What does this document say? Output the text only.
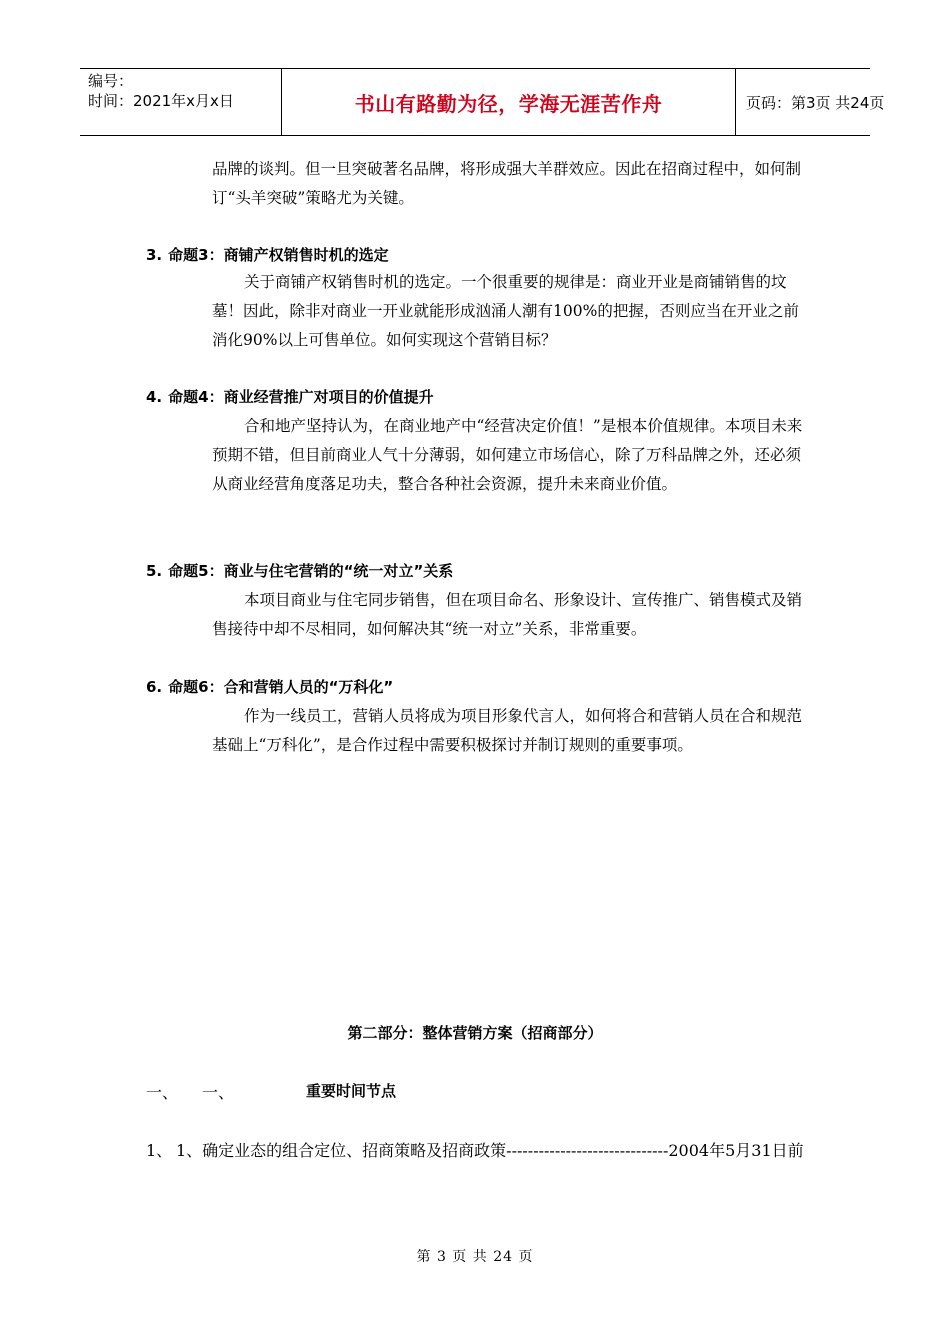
编号：
时间：2021年x月x日	书山有路勤为径，学海无涯苦作舟	页码：第3页 共24页
品牌的谈判。但一旦突破著名品牌，将形成强大羊群效应。因此在招商过程中，如何制订“头羊突破”策略尤为关键。
3. 命题3：商铺产权销售时机的选定
关于商铺产权销售时机的选定。一个很重要的规律是：商业开业是商铺销售的坟墓！因此，除非对商业一开业就能形成汹涌人潮有100%的把握，否则应当在开业之前消化90%以上可售单位。如何实现这个营销目标？
4. 命题4：商业经营推广对项目的价值提升
合和地产坚持认为，在商业地产中“经营决定价值！”是根本价值规律。本项目未来预期不错，但目前商业人气十分薄弱，如何建立市场信心，除了万科品牌之外，还必须从商业经营角度落足功夫，整合各种社会资源，提升未来商业价值。
5. 命题5：商业与住宅营销的“统一对立”关系
本项目商业与住宅同步销售，但在项目命名、形象设计、宣传推广、销售模式及销售接待中却不尽相同，如何解决其“统一对立”关系，非常重要。
6. 命题6：合和营销人员的“万科化”
作为一线员工，营销人员将成为项目形象代言人，如何将合和营销人员在合和规范基础上“万科化”，是合作过程中需要积极探讨并制订规则的重要事项。
第二部分：整体营销方案（招商部分）
一、 一、	重要时间节点
1、 1、确定业态的组合定位、招商策略及招商政策------------------------------2004年5月31日前
第 3 页 共 24 页
